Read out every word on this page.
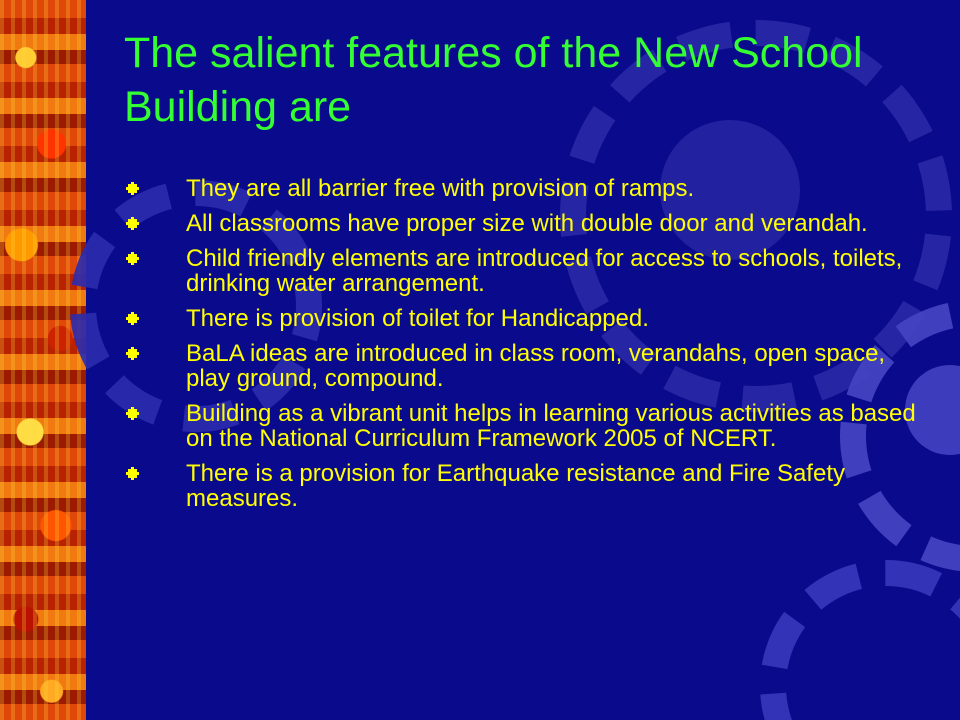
The salient features of the New School Building are
They are all barrier free with provision of ramps.
All classrooms have proper size with double door and verandah.
Child friendly elements are introduced for access to schools, toilets, drinking water arrangement.
There is provision of toilet for Handicapped.
BaLA ideas are introduced in class room, verandahs, open space, play ground, compound.
Building as a vibrant unit helps in learning various activities as based on the National Curriculum Framework 2005 of NCERT.
There is a provision for Earthquake resistance and Fire Safety measures.
